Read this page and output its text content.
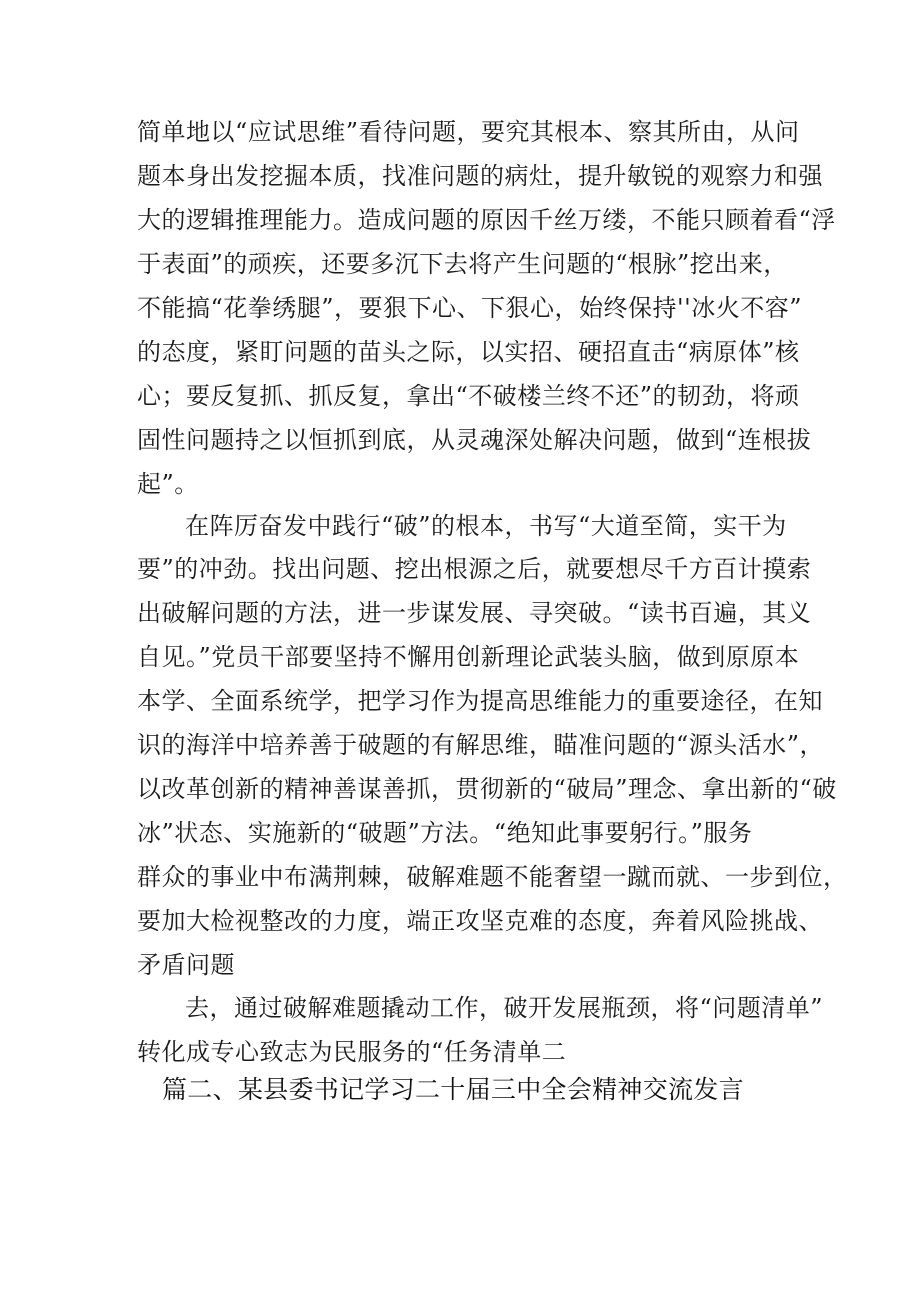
简单地以“应试思维”看待问题，要究其根本、察其所由，从问
题本身出发挖掘本质，找准问题的病灶，提升敏锐的观察力和强
大的逻辑推理能力。造成问题的原因千丝万缕，不能只顾着看“浮
于表面”的顽疾，还要多沉下去将产生问题的“根脉”挖出来，
不能搞“花拳绣腿”，要狠下心、下狠心，始终保持''冰火不容”
的态度，紧盯问题的苗头之际，以实招、硬招直击“病原体”核
心；要反复抓、抓反复，拿出“不破楼兰终不还”的韧劲，将顽
固性问题持之以恒抓到底，从灵魂深处解决问题，做到“连根拔
起”。
在阵厉奋发中践行“破”的根本，书写“大道至简，实干为
要”的冲劲。找出问题、挖出根源之后，就要想尽千方百计摸索
出破解问题的方法，进一步谋发展、寻突破。“读书百遍，其义
自见。”党员干部要坚持不懈用创新理论武装头脑，做到原原本
本学、全面系统学，把学习作为提高思维能力的重要途径，在知
识的海洋中培养善于破题的有解思维，瞄准问题的“源头活水”，
以改革创新的精神善谋善抓，贯彻新的“破局”理念、拿出新的“破
冰”状态、实施新的“破题”方法。“绝知此事要躬行。”服务
群众的事业中布满荆棘，破解难题不能奢望一蹴而就、一步到位，
要加大检视整改的力度，端正攻坚克难的态度，奔着风险挑战、
矛盾问题
去，通过破解难题撬动工作，破开发展瓶颈，将“问题清单”
转化成专心致志为民服务的“任务清单二
篇二、某县委书记学习二十届三中全会精神交流发言
